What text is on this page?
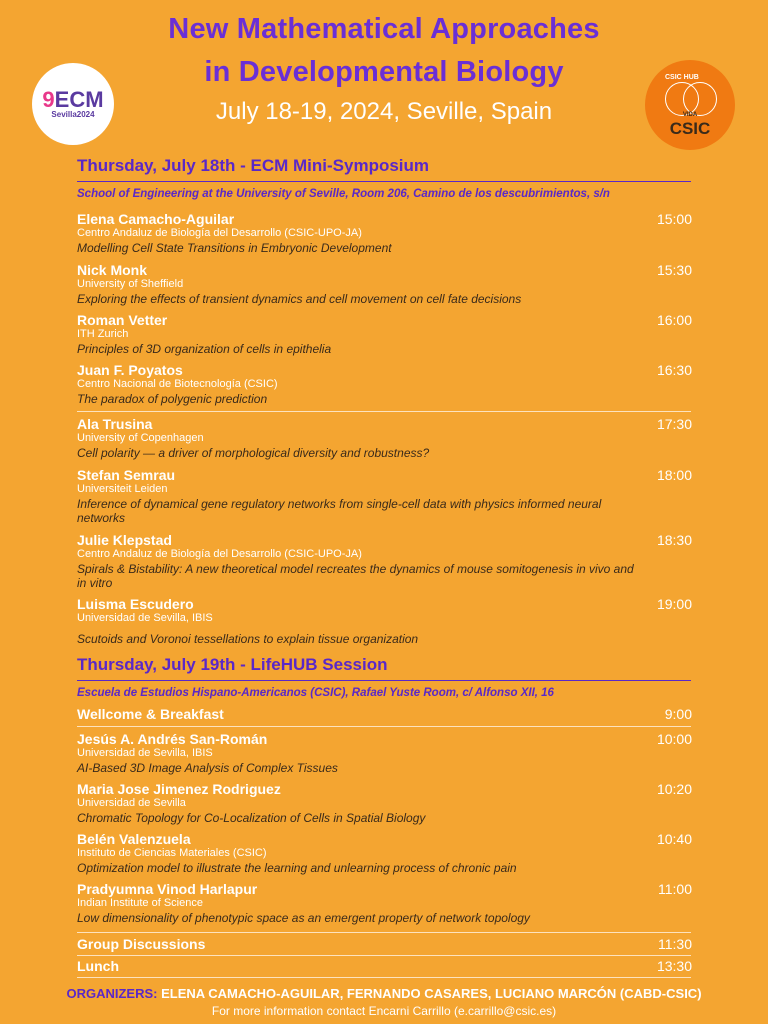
New Mathematical Approaches
in Developmental Biology
July 18-19, 2024, Seville, Spain
9ECM
Sevilla2024
CSIC HUB
VIDA
CSIC
Thursday, July 18th - ECM Mini-Symposium
School of Engineering at the University of Seville, Room 206, Camino de los descubrimientos, s/n
Elena Camacho-Aguilar
Centro Andaluz de Biología del Desarrollo (CSIC-UPO-JA)
Modelling Cell State Transitions in Embryonic Development
15:00
Nick Monk
University of Sheffield
Exploring the effects of transient dynamics and cell movement on cell fate decisions
15:30
Roman Vetter
ITH Zurich
Principles of 3D organization of cells in epithelia
16:00
Juan F. Poyatos
Centro Nacional de Biotecnología (CSIC)
The paradox of polygenic prediction
16:30
Ala Trusina
University of Copenhagen
Cell polarity — a driver of morphological diversity and robustness?
17:30
Stefan Semrau
Universiteit Leiden
Inference of dynamical gene regulatory networks from single-cell data with physics informed neural networks
18:00
Julie Klepstad
Centro Andaluz de Biología del Desarrollo (CSIC-UPO-JA)
Spirals & Bistability: A new theoretical model recreates the dynamics of mouse somitogenesis in vivo and in vitro
18:30
Luisma Escudero
Universidad de Sevilla, IBIS
Scutoids and Voronoi tessellations to explain tissue organization
19:00
Thursday, July 19th - LifeHUB Session
Escuela de Estudios Hispano-Americanos (CSIC), Rafael Yuste Room, c/ Alfonso XII, 16
Wellcome & Breakfast	9:00
Jesús A. Andrés San-Román
Universidad de Sevilla, IBIS
AI-Based 3D Image Analysis of Complex Tissues
10:00
Maria Jose Jimenez Rodriguez
Universidad de Sevilla
Chromatic Topology for Co-Localization of Cells in Spatial Biology
10:20
Belén Valenzuela
Instituto de Ciencias Materiales (CSIC)
Optimization model to illustrate the learning and unlearning process of chronic pain
10:40
Pradyumna Vinod Harlapur
Indian Institute of Science
Low dimensionality of phenotypic space as an emergent property of network topology
11:00
Group Discussions	11:30
Lunch	13:30
ORGANIZERS: ELENA CAMACHO-AGUILAR, FERNANDO CASARES, LUCIANO MARCÓN (CABD-CSIC)
For more information contact Encarni Carrillo (e.carrillo@csic.es)
